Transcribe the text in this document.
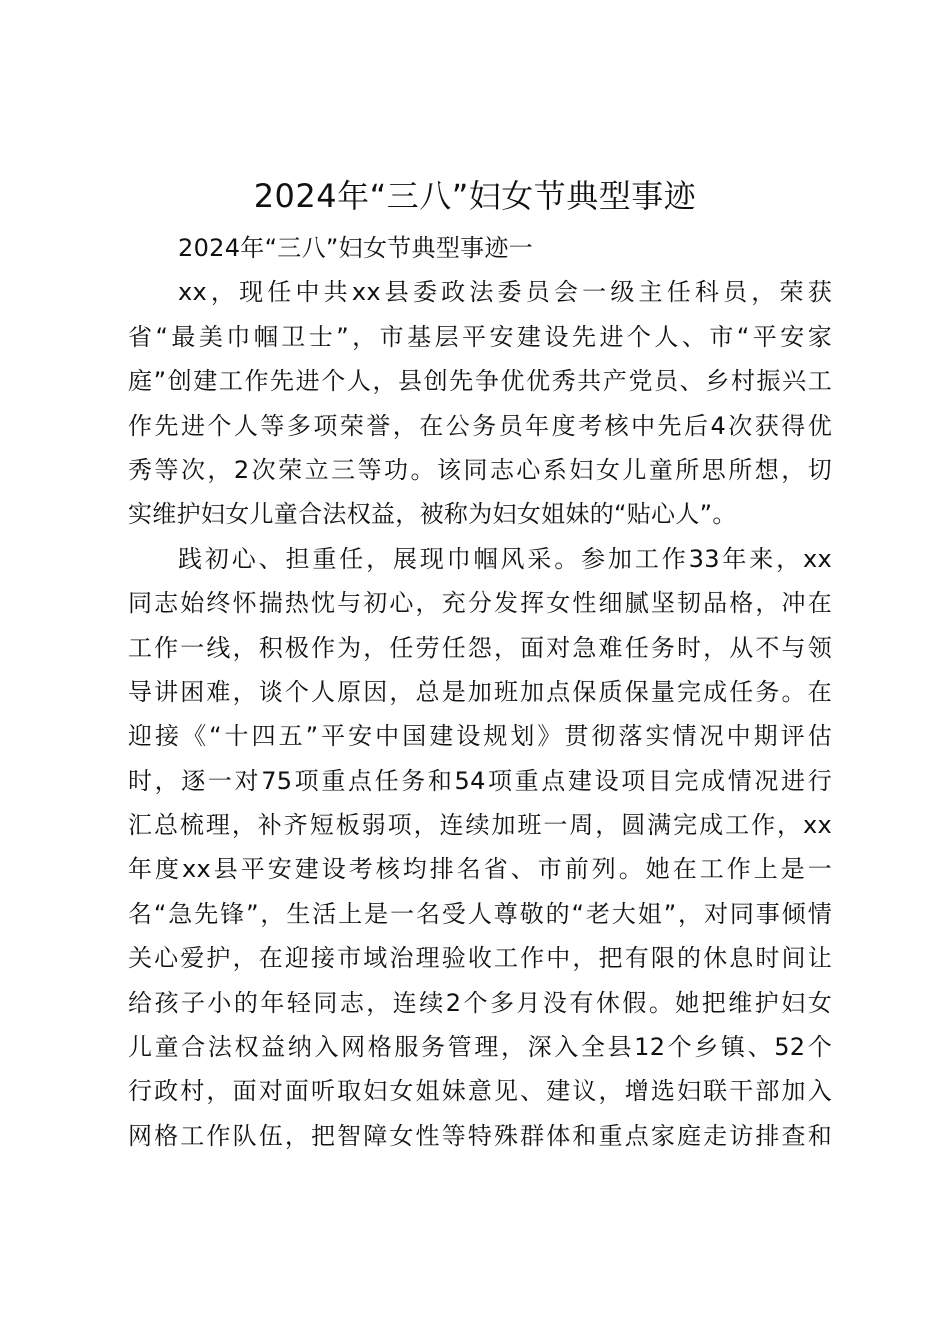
2024年“三八”妇女节典型事迹
2024年“三八”妇女节典型事迹一
xx，现任中共xx县委政法委员会一级主任科员，荣获
省“最美巾帼卫士”，市基层平安建设先进个人、市“平安家
庭”创建工作先进个人，县创先争优优秀共产党员、乡村振兴工
作先进个人等多项荣誉，在公务员年度考核中先后4次获得优
秀等次，2次荣立三等功。该同志心系妇女儿童所思所想，切
实维护妇女儿童合法权益，被称为妇女姐妹的“贴心人”。
践初心、担重任，展现巾帼风采。参加工作33年来，xx
同志始终怀揣热忱与初心，充分发挥女性细腻坚韧品格，冲在
工作一线，积极作为，任劳任怨，面对急难任务时，从不与领
导讲困难，谈个人原因，总是加班加点保质保量完成任务。在
迎接《“十四五”平安中国建设规划》贯彻落实情况中期评估
时，逐一对75项重点任务和54项重点建设项目完成情况进行
汇总梳理，补齐短板弱项，连续加班一周，圆满完成工作，xx
年度xx县平安建设考核均排名省、市前列。她在工作上是一
名“急先锋”，生活上是一名受人尊敬的“老大姐”，对同事倾情
关心爱护，在迎接市域治理验收工作中，把有限的休息时间让
给孩子小的年轻同志，连续2个多月没有休假。她把维护妇女
儿童合法权益纳入网格服务管理，深入全县12个乡镇、52个
行政村，面对面听取妇女姐妹意见、建议，增选妇联干部加入
网格工作队伍，把智障女性等特殊群体和重点家庭走访排查和
